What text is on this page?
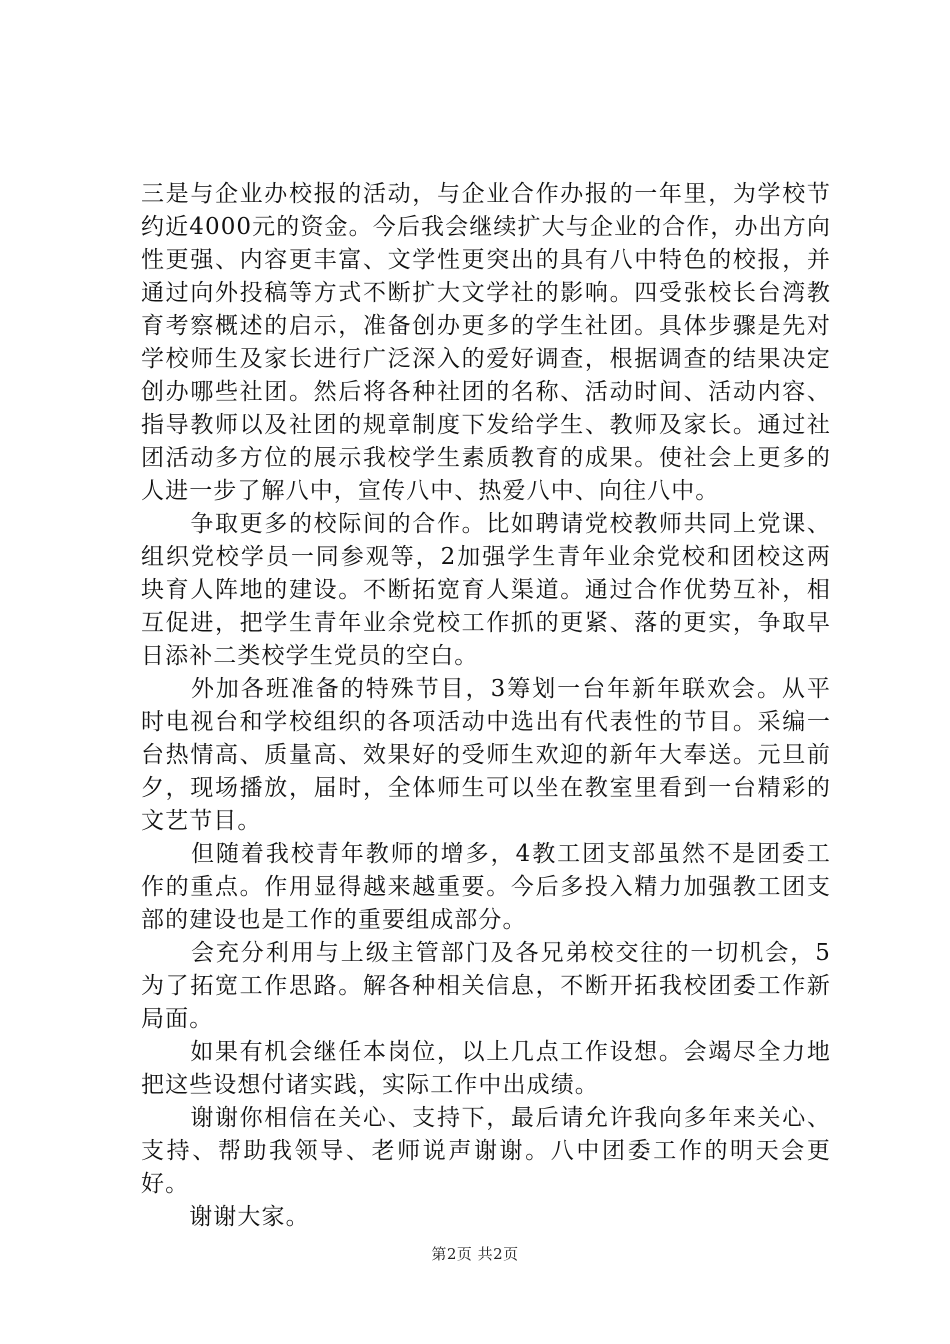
三是与企业办校报的活动，与企业合作办报的一年里，为学校节约近4000元的资金。今后我会继续扩大与企业的合作，办出方向性更强、内容更丰富、文学性更突出的具有八中特色的校报，并通过向外投稿等方式不断扩大文学社的影响。四受张校长台湾教育考察概述的启示，准备创办更多的学生社团。具体步骤是先对学校师生及家长进行广泛深入的爱好调查，根据调查的结果决定创办哪些社团。然后将各种社团的名称、活动时间、活动内容、指导教师以及社团的规章制度下发给学生、教师及家长。通过社团活动多方位的展示我校学生素质教育的成果。使社会上更多的人进一步了解八中，宣传八中、热爱八中、向往八中。

　　争取更多的校际间的合作。比如聘请党校教师共同上党课、组织党校学员一同参观等，2加强学生青年业余党校和团校这两块育人阵地的建设。不断拓宽育人渠道。通过合作优势互补，相互促进，把学生青年业余党校工作抓的更紧、落的更实，争取早日添补二类校学生党员的空白。

　　外加各班准备的特殊节目，3筹划一台年新年联欢会。从平时电视台和学校组织的各项活动中选出有代表性的节目。采编一台热情高、质量高、效果好的受师生欢迎的新年大奉送。元旦前夕，现场播放，届时，全体师生可以坐在教室里看到一台精彩的文艺节目。

　　但随着我校青年教师的增多，4教工团支部虽然不是团委工作的重点。作用显得越来越重要。今后多投入精力加强教工团支部的建设也是工作的重要组成部分。

　　会充分利用与上级主管部门及各兄弟校交往的一切机会，5为了拓宽工作思路。解各种相关信息，不断开拓我校团委工作新局面。

　　如果有机会继任本岗位，以上几点工作设想。会竭尽全力地把这些设想付诸实践，实际工作中出成绩。

　　谢谢你相信在关心、支持下，最后请允许我向多年来关心、支持、帮助我领导、老师说声谢谢。八中团委工作的明天会更好。

　　谢谢大家。

第2页 共2页
